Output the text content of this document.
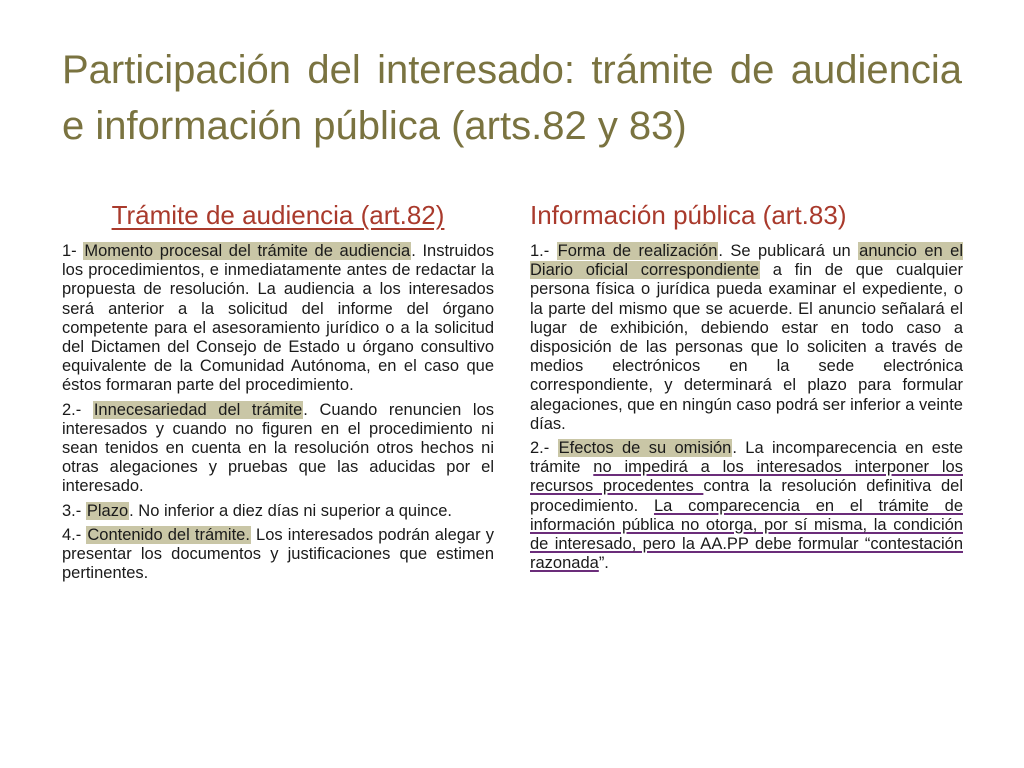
Participación del interesado: trámite de audiencia e información pública (arts.82 y 83)
Trámite de audiencia (art.82)

1- Momento procesal del trámite de audiencia. Instruidos los procedimientos, e inmediatamente antes de redactar la propuesta de resolución. La audiencia a los interesados será anterior a la solicitud del informe del órgano competente para el asesoramiento jurídico o a la solicitud del Dictamen del Consejo de Estado u órgano consultivo equivalente de la Comunidad Autónoma, en el caso que éstos formaran parte del procedimiento.

2.- Innecesariedad del trámite. Cuando renuncien los interesados y cuando no figuren en el procedimiento ni sean tenidos en cuenta en la resolución otros hechos ni otras alegaciones y pruebas que las aducidas por el interesado.

3.- Plazo. No inferior a diez días ni superior a quince.

4.- Contenido del trámite. Los interesados podrán alegar y presentar los documentos y justificaciones que estimen pertinentes.

Información pública (art.83)

1.- Forma de realización. Se publicará un anuncio en el Diario oficial correspondiente a fin de que cualquier persona física o jurídica pueda examinar el expediente, o la parte del mismo que se acuerde. El anuncio señalará el lugar de exhibición, debiendo estar en todo caso a disposición de las personas que lo soliciten a través de medios electrónicos en la sede electrónica correspondiente, y determinará el plazo para formular alegaciones, que en ningún caso podrá ser inferior a veinte días.

2.- Efectos de su omisión. La incomparecencia en este trámite no impedirá a los interesados interponer los recursos procedentes contra la resolución definitiva del procedimiento. La comparecencia en el trámite de información pública no otorga, por sí misma, la condición de interesado, pero la AA.PP debe formular “contestación razonada”.
